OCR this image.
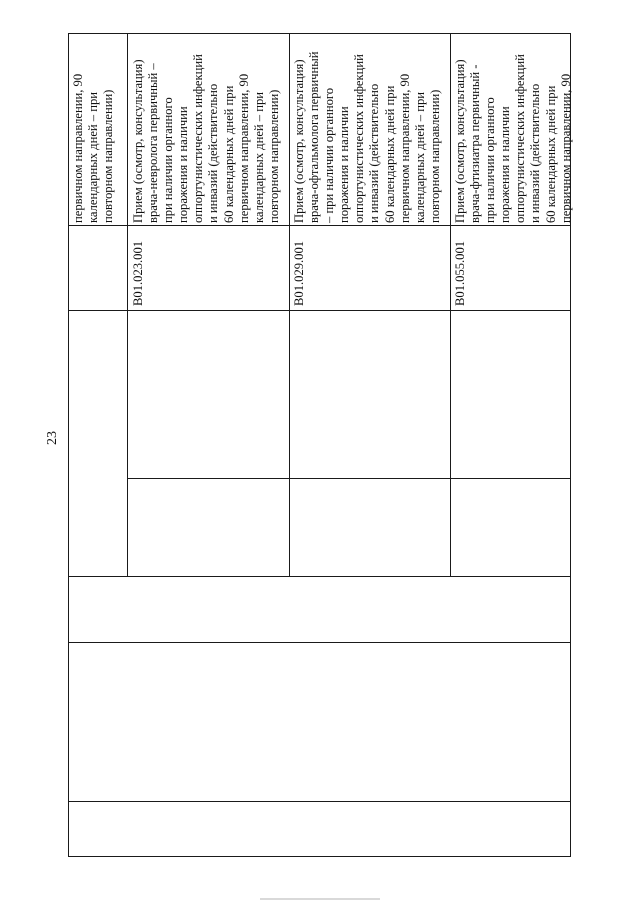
23
первичном направлении, 90
календарных дней – при
повторном направлении)
Прием (осмотр, консультация)
врача-невролога первичный –
при наличии органного
поражения и наличии
оппортунистических инфекций
и инвазий (действительно
60 календарных дней при
первичном направлении, 90
календарных дней – при
повторном направлении)
B01.023.001
Прием (осмотр, консультация)
врача-офтальмолога первичный
– при наличии органного
поражения и наличии
оппортунистических инфекций
и инвазий (действительно
60 календарных дней при
первичном направлении, 90
календарных дней – при
повторном направлении)
B01.029.001
Прием (осмотр, консультация)
врача-фтизиатра первичный -
при наличии органного
поражения и наличии
оппортунистических инфекций
и инвазий (действительно
60 календарных дней при
первичном направлении, 90
B01.055.001
